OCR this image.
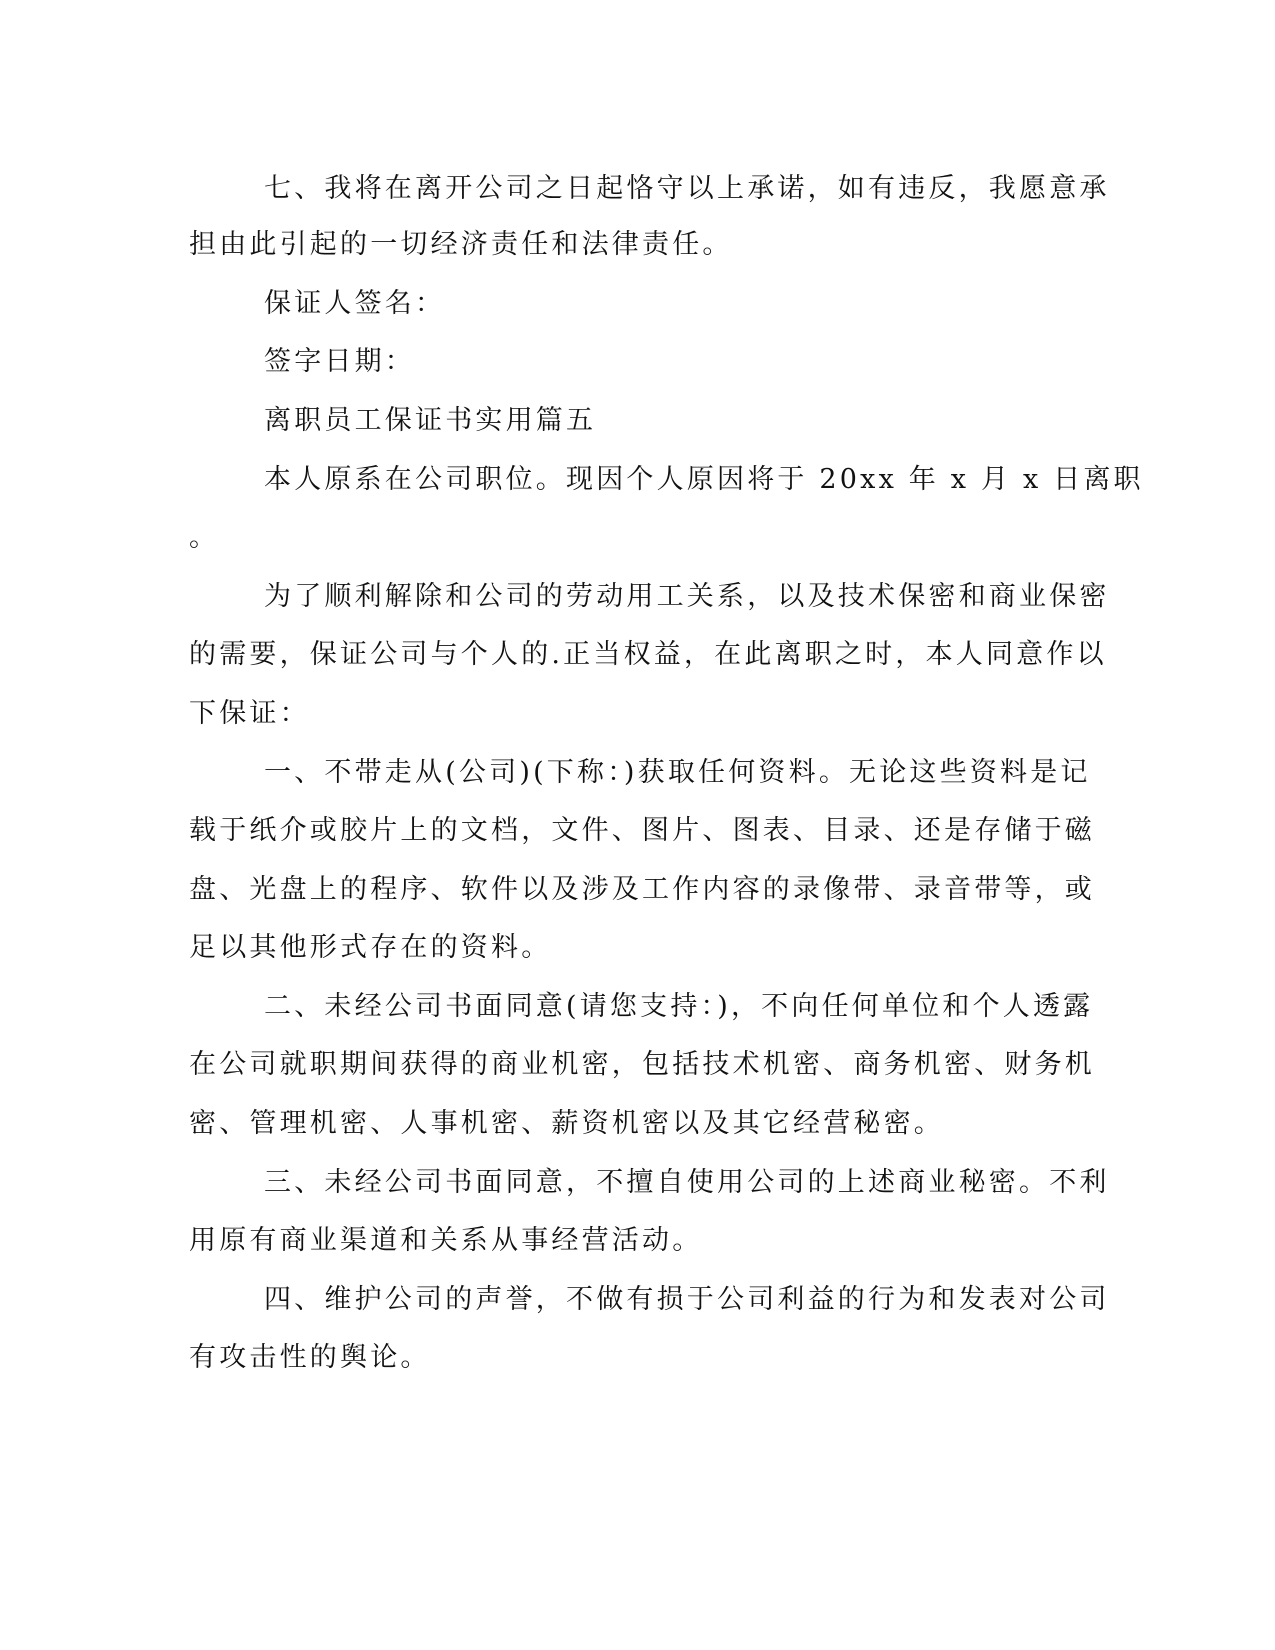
七、我将在离开公司之日起恪守以上承诺，如有违反，我愿意承
担由此引起的一切经济责任和法律责任。
保证人签名：
签字日期：
离职员工保证书实用篇五
本人原系在公司职位。现因个人原因将于 20xx 年 x 月 x 日离职
。
为了顺利解除和公司的劳动用工关系，以及技术保密和商业保密
的需要，保证公司与个人的.正当权益，在此离职之时，本人同意作以
下保证：
一、不带走从(公司)(下称：)获取任何资料。无论这些资料是记
载于纸介或胶片上的文档，文件、图片、图表、目录、还是存储于磁
盘、光盘上的程序、软件以及涉及工作内容的录像带、录音带等，或
足以其他形式存在的资料。
二、未经公司书面同意(请您支持：)，不向任何单位和个人透露
在公司就职期间获得的商业机密，包括技术机密、商务机密、财务机
密、管理机密、人事机密、薪资机密以及其它经营秘密。
三、未经公司书面同意，不擅自使用公司的上述商业秘密。不利
用原有商业渠道和关系从事经营活动。
四、维护公司的声誉，不做有损于公司利益的行为和发表对公司
有攻击性的舆论。
